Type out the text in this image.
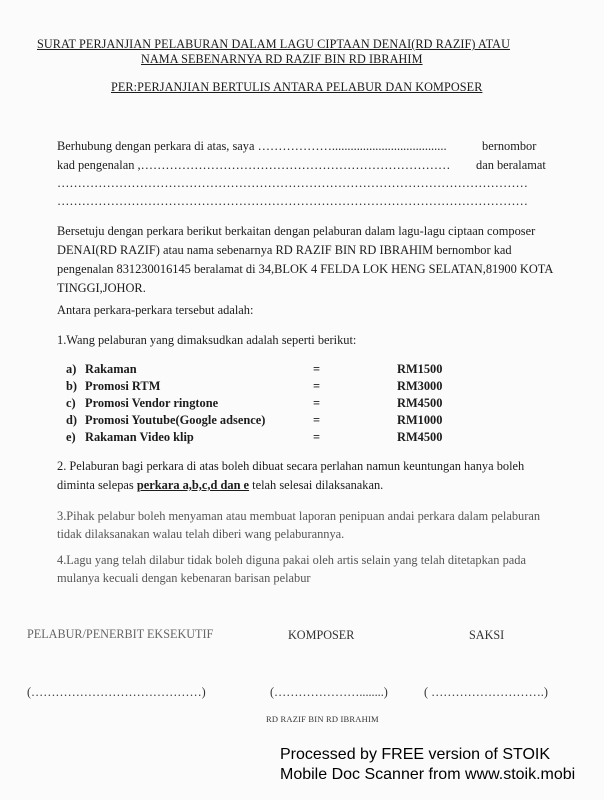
SURAT PERJANJIAN PELABURAN DALAM LAGU CIPTAAN DENAI(RD RAZIF) ATAU
NAMA SEBENARNYA RD RAZIF BIN RD IBRAHIM
PER:PERJANJIAN BERTULIS ANTARA PELABUR DAN KOMPOSER
Berhubung dengan perkara di atas, saya ……………….....................................	bernombor
kad pengenalan ,………………………………………………………………… dan beralamat
……………………………………………………………………………………………………
……………………………………………………………………………………………………
Bersetuju dengan perkara berikut berkaitan dengan pelaburan dalam lagu-lagu ciptaan composer DENAI(RD RAZIF) atau nama sebenarnya RD RAZIF BIN RD IBRAHIM bernombor kad pengenalan 831230016145 beralamat di 34,BLOK 4 FELDA LOK HENG SELATAN,81900 KOTA TINGGI,JOHOR.
Antara perkara-perkara tersebut adalah:
1.Wang pelaburan yang dimaksudkan adalah seperti berikut:
a) Rakaman	=	RM1500
b) Promosi RTM	=	RM3000
c) Promosi Vendor ringtone	=	RM4500
d) Promosi Youtube(Google adsence)	=	RM1000
e) Rakaman Video klip	=	RM4500
2. Pelaburan bagi perkara di atas boleh dibuat secara perlahan namun keuntungan hanya boleh
diminta selepas perkara a,b,c,d dan e telah selesai dilaksanakan.
3.Pihak pelabur boleh menyaman atau membuat laporan penipuan andai perkara dalam pelaburan
tidak dilaksanakan walau telah diberi wang pelaburannya.
4.Lagu yang telah dilabur tidak boleh diguna pakai oleh artis selain yang telah ditetapkan pada
mulanya kecuali dengan kebenaran barisan pelabur
PELABUR/PENERBIT EKSEKUTIF	KOMPOSER	SAKSI
(……………………………………)	(…………………........)	( ……………………….)
RD RAZIF BIN RD IBRAHIM
Processed by FREE version of STOIK
Mobile Doc Scanner from www.stoik.mobi
